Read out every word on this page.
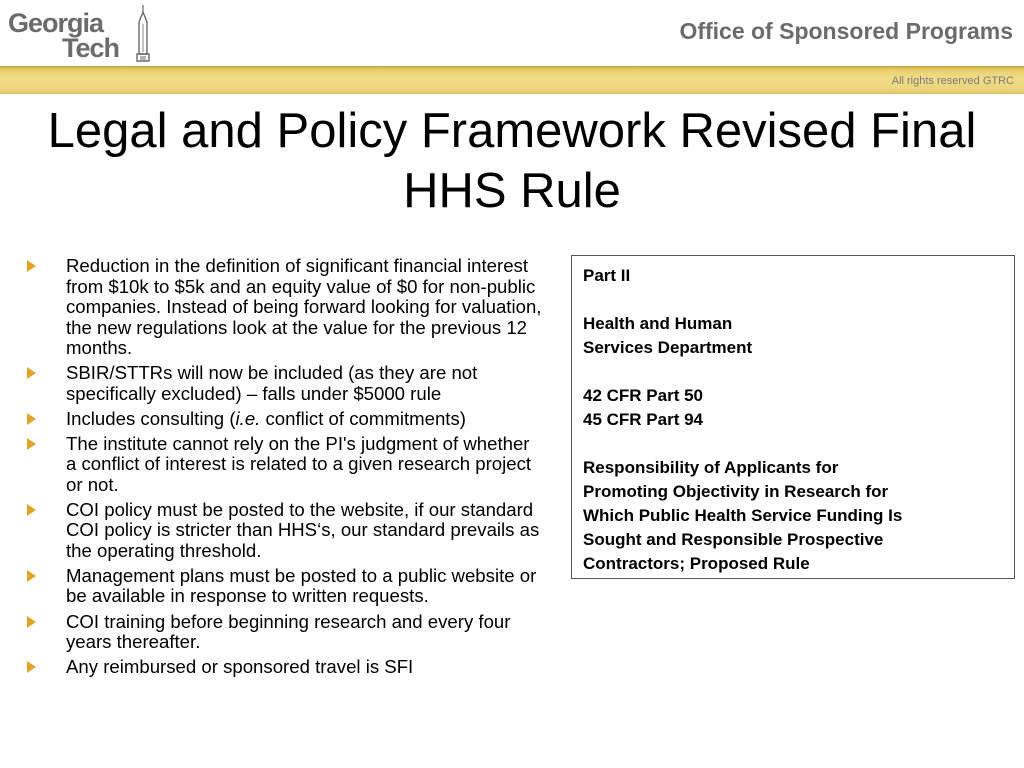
Georgia
Tech
Office of Sponsored Programs
All rights reserved GTRC
Legal and Policy Framework Revised Final HHS Rule
Reduction in the definition of significant financial interest from $10k to $5k and an equity value of $0 for non-public companies. Instead of being forward looking for valuation, the new regulations look at the value for the previous 12 months.
SBIR/STTRs will now be included (as they are not specifically excluded) – falls under $5000 rule
Includes consulting (i.e. conflict of commitments)
The institute cannot rely on the PI's judgment of whether a conflict of interest is related to a given research project or not.
COI policy must be posted to the website, if our standard COI policy is stricter than HHS‘s, our standard prevails as the operating threshold.
Management plans must be posted to a public website or be available in response to written requests.
COI training before beginning research and every four years thereafter.
Any reimbursed or sponsored travel is SFI
Part II
Health and Human
Services Department
42 CFR Part 50
45 CFR Part 94
Responsibility of Applicants for
Promoting Objectivity in Research for
Which Public Health Service Funding Is
Sought and Responsible Prospective
Contractors; Proposed Rule
